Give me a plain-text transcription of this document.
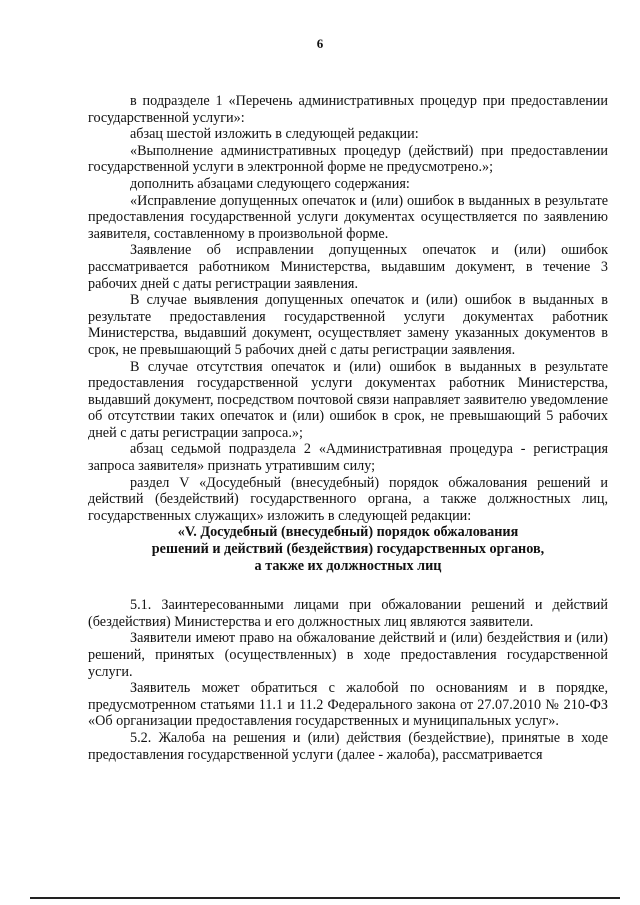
6

в подразделе 1 «Перечень административных процедур при предоставлении государственной услуги»:

абзац шестой изложить в следующей редакции:

«Выполнение административных процедур (действий) при предоставлении государственной услуги в электронной форме не предусмотрено.»;

дополнить абзацами следующего содержания:

«Исправление допущенных опечаток и (или) ошибок в выданных в результате предоставления государственной услуги документах осуществляется по заявлению заявителя, составленному в произвольной форме.

Заявление об исправлении допущенных опечаток и (или) ошибок рассматривается работником Министерства, выдавшим документ, в течение 3 рабочих дней с даты регистрации заявления.

В случае выявления допущенных опечаток и (или) ошибок в выданных в результате предоставления государственной услуги документах работник Министерства, выдавший документ, осуществляет замену указанных документов в срок, не превышающий 5 рабочих дней с даты регистрации заявления.

В случае отсутствия опечаток и (или) ошибок в выданных в результате предоставления государственной услуги документах работник Министерства, выдавший документ, посредством почтовой связи направляет заявителю уведомление об отсутствии таких опечаток и (или) ошибок в срок, не превышающий 5 рабочих дней с даты регистрации запроса.»;

абзац седьмой подраздела 2 «Административная процедура - регистрация запроса заявителя» признать утратившим силу;

раздел V «Досудебный (внесудебный) порядок обжалования решений и действий (бездействий) государственного органа, а также должностных лиц, государственных служащих» изложить в следующей редакции:

«V. Досудебный (внесудебный) порядок обжалования

решений и действий (бездействия) государственных органов,

а также их должностных лиц

5.1. Заинтересованными лицами при обжаловании решений и действий (бездействия) Министерства и его должностных лиц являются заявители.

Заявители имеют право на обжалование действий и (или) бездействия и (или) решений, принятых (осуществленных) в ходе предоставления государственной услуги.

Заявитель может обратиться с жалобой по основаниям и в порядке, предусмотренном статьями 11.1 и 11.2 Федерального закона от 27.07.2010 № 210-ФЗ «Об организации предоставления государственных и муниципальных услуг».

5.2. Жалоба на решения и (или) действия (бездействие), принятые в ходе предоставления государственной услуги (далее - жалоба), рассматривается
